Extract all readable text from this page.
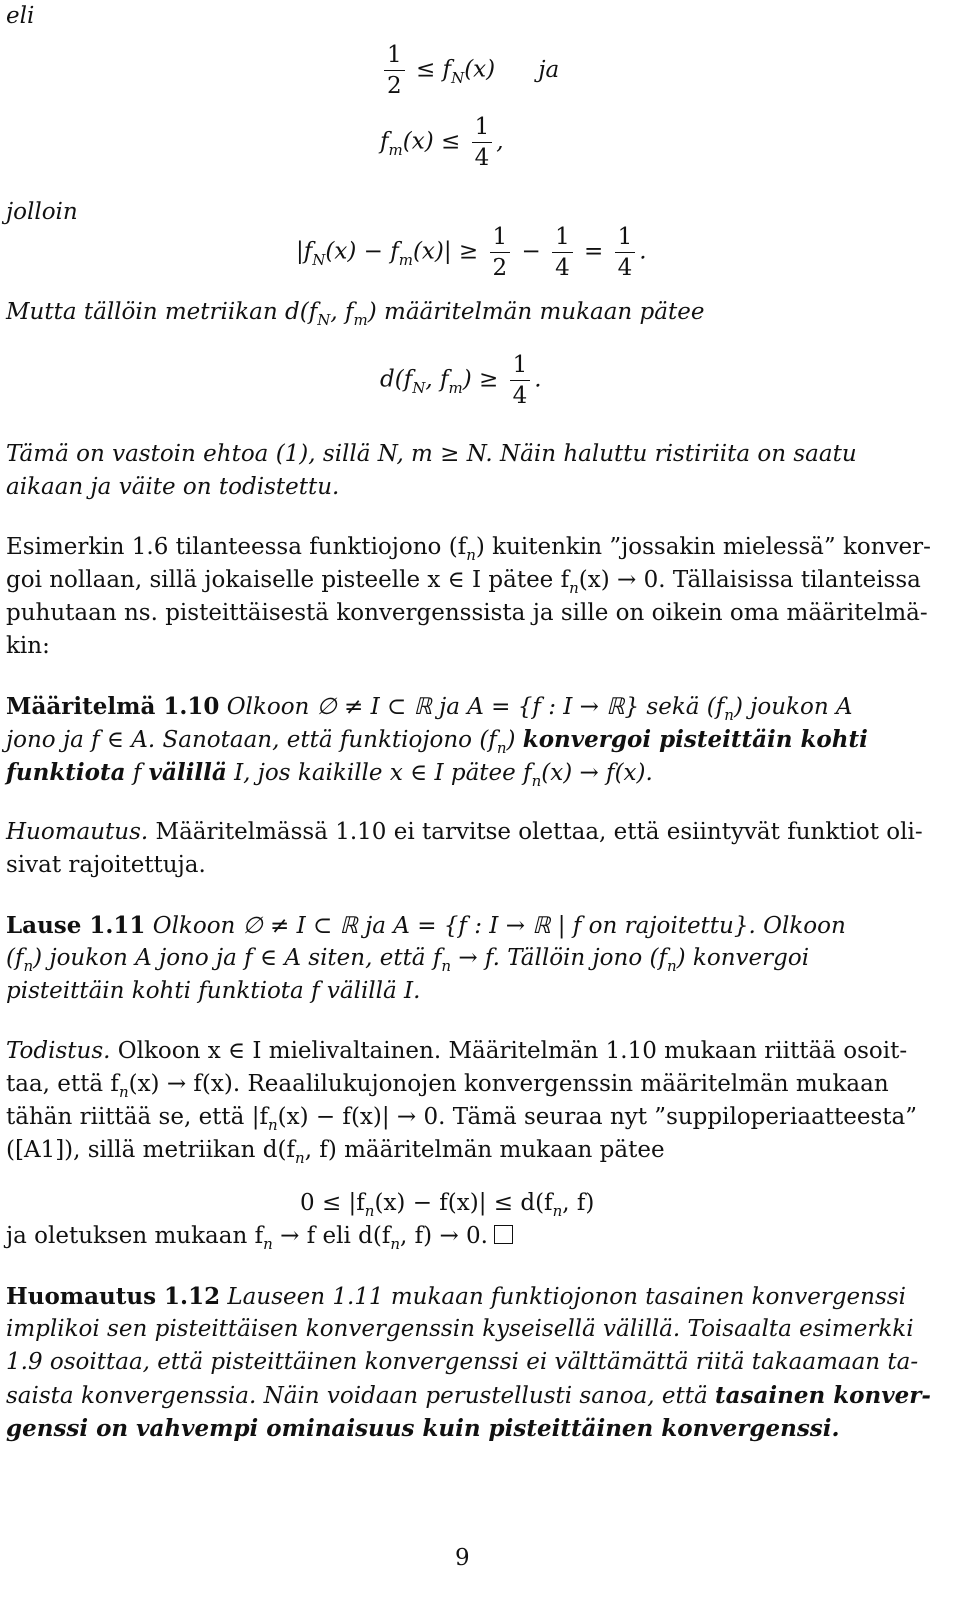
eli
$\frac{1}{2} \le f_N(x)$ ja
$f_m(x) \le \frac{1}{4}$ ,
jolloin
$|f_N(x) - f_m(x)| \ge \frac{1}{2} - \frac{1}{4} = \frac{1}{4}$ .
Mutta tällöin metriikan $d(f_N$, $f_m$) määritelmän mukaan pätee
$d(f_N$, $f_m) \ge \frac{1}{4}$ .
Tämä on vastoin ehtoa (1), sillä N, m ≥ N. Näin haluttu ristiriita on saatu
aikaan ja väite on todistettu.
Esimerkin 1.6 tilanteessa funktiojono $(f_n)$ kuitenkin ”jossakin mielessä” konver-
goi nollaan, sillä jokaiselle pisteelle x ∈ I pätee $f_n(x) \to 0$. Tällaisissa tilanteissa
puhutaan ns. pisteittäisestä konvergenssista ja sille on oikein oma määritelmä-
kin:
Määritelmä 1.10 Olkoon ∅ ≠ I ⊂ ℝ ja A = {f : I → ℝ} sekä $(f_n)$ joukon A
jono ja f ∈ A. Sanotaan, että funktiojono $(f_n)$ konvergoi pisteittäin kohti
funktiota f välillä I, jos kaikille x ∈ I pätee $f_n(x) \to f(x)$.
Huomautus. Määritelmässä 1.10 ei tarvitse olettaa, että esiintyvät funktiot oli-
sivat rajoitettuja.
Lause 1.11 Olkoon ∅ ≠ I ⊂ ℝ ja A = {f : I → ℝ | f on rajoitettu}. Olkoon
$(f_n)$ joukon A jono ja f ∈ A siten, että $f_n \to f$. Tällöin jono $(f_n)$ konvergoi
pisteittäin kohti funktiota f välillä I.
Todistus. Olkoon x ∈ I mielivaltainen. Määritelmän 1.10 mukaan riittää osoit-
taa, että $f_n(x) \to f(x)$. Reaalilukujonojen konvergenssin määritelmän mukaan
tähän riittää se, että $|f_n(x) - f(x)| \to 0$. Tämä seuraa nyt ”suppiloperiaatteesta”
([A1]), sillä metriikan $d(f_n$, f) määritelmän mukaan pätee
$0 \le |f_n(x) - f(x)| \le d(f_n$, f)
ja oletuksen mukaan $f_n \to f$ eli $d(f_n$, f) → 0.
Huomautus 1.12 Lauseen 1.11 mukaan funktiojonon tasainen konvergenssi
implikoi sen pisteittäisen konvergenssin kyseisellä välillä. Toisaalta esimerkki
1.9 osoittaa, että pisteittäinen konvergenssi ei välttämättä riitä takaamaan ta-
saista konvergenssia. Näin voidaan perustellusti sanoa, että tasainen konver-
genssi on vahvempi ominaisuus kuin pisteittäinen konvergenssi.
9
